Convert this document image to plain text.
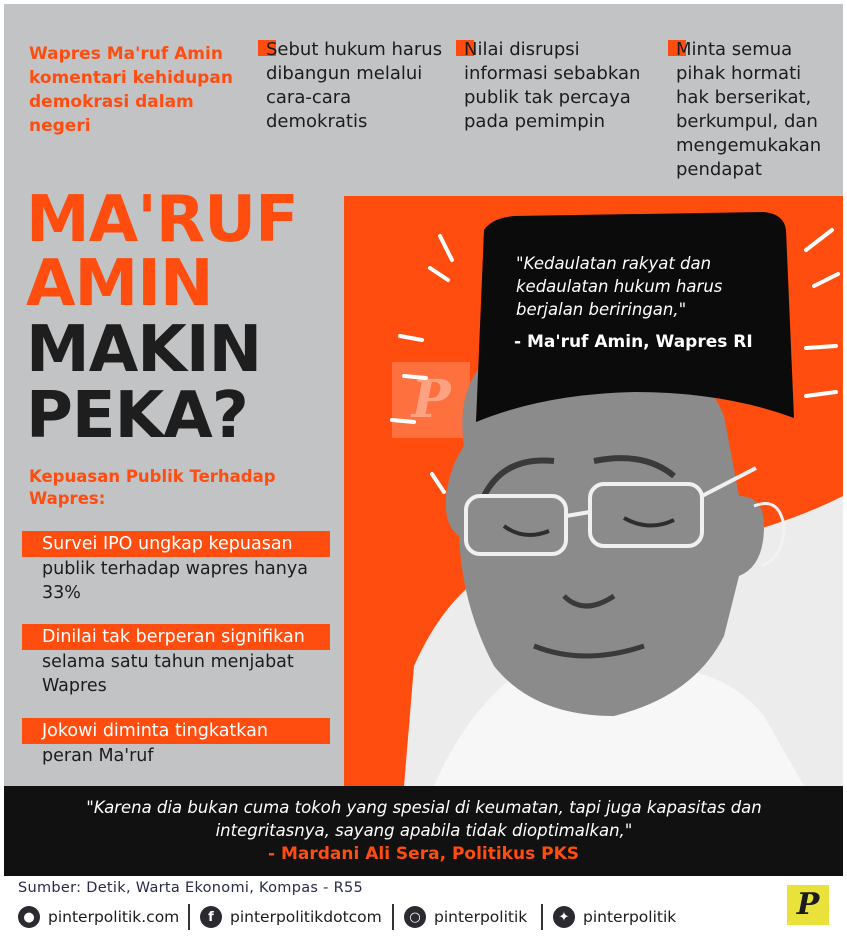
Wapres Ma'ruf Amin komentari kehidupan demokrasi dalam negeri
Sebut hukum harus dibangun melalui cara-cara demokratis
Nilai disrupsi informasi sebabkan publik tak percaya pada pemimpin
Minta semua pihak hormati hak berserikat, berkumpul, dan mengemukakan pendapat
MA'RUF
AMIN
MAKIN
PEKA?	P
"Kedaulatan rakyat dan kedaulatan hukum harus berjalan beriringan,"
- Ma'ruf Amin, Wapres RI
Kepuasan Publik Terhadap Wapres:
Survei IPO ungkap kepuasan
publik terhadap wapres hanya 33%
Dinilai tak berperan signifikan
selama satu tahun menjabat Wapres
Jokowi diminta tingkatkan
peran Ma'ruf
"Karena dia bukan cuma tokoh yang spesial di keumatan, tapi juga kapasitas dan integritasnya, sayang apabila tidak dioptimalkan,"
- Mardani Ali Sera, Politikus PKS
Sumber: Detik, Warta Ekonomi, Kompas - R55
● pinterpolitik.com	f	pinterpolitikdotcom	○ pinterpolitik	✦ pinterpolitik	P
